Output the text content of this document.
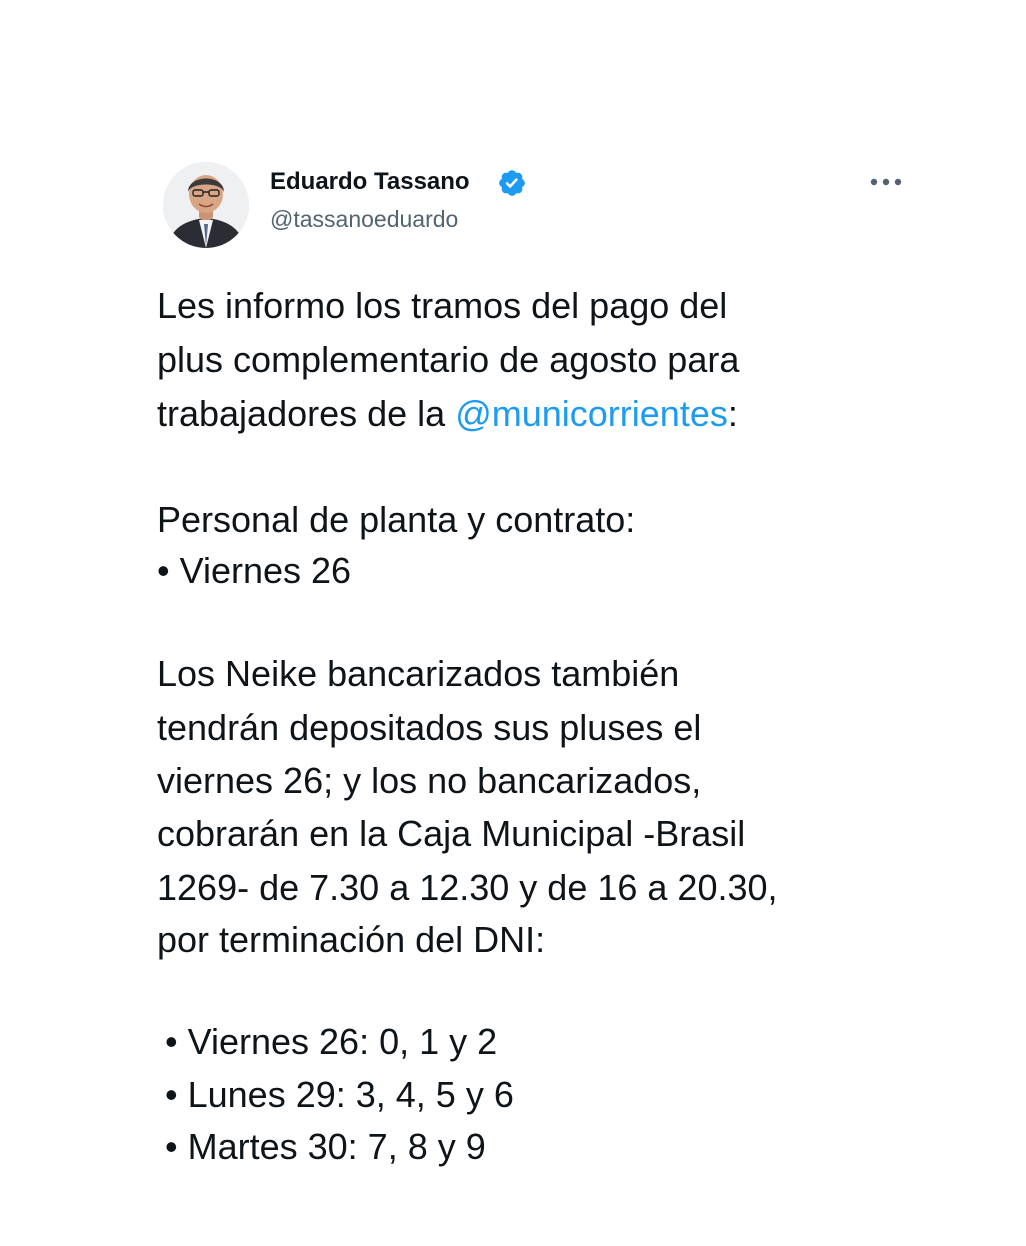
Eduardo Tassano
@tassanoeduardo
Les informo los tramos del pago del
plus complementario de agosto para
trabajadores de la @municorrientes:
Personal de planta y contrato:
• Viernes 26
Los Neike bancarizados también
tendrán depositados sus pluses el
viernes 26; y los no bancarizados,
cobrarán en la Caja Municipal -Brasil
1269- de 7.30 a 12.30 y de 16 a 20.30,
por terminación del DNI:
• Viernes 26: 0, 1 y 2
• Lunes 29: 3, 4, 5 y 6
• Martes 30: 7, 8 y 9
